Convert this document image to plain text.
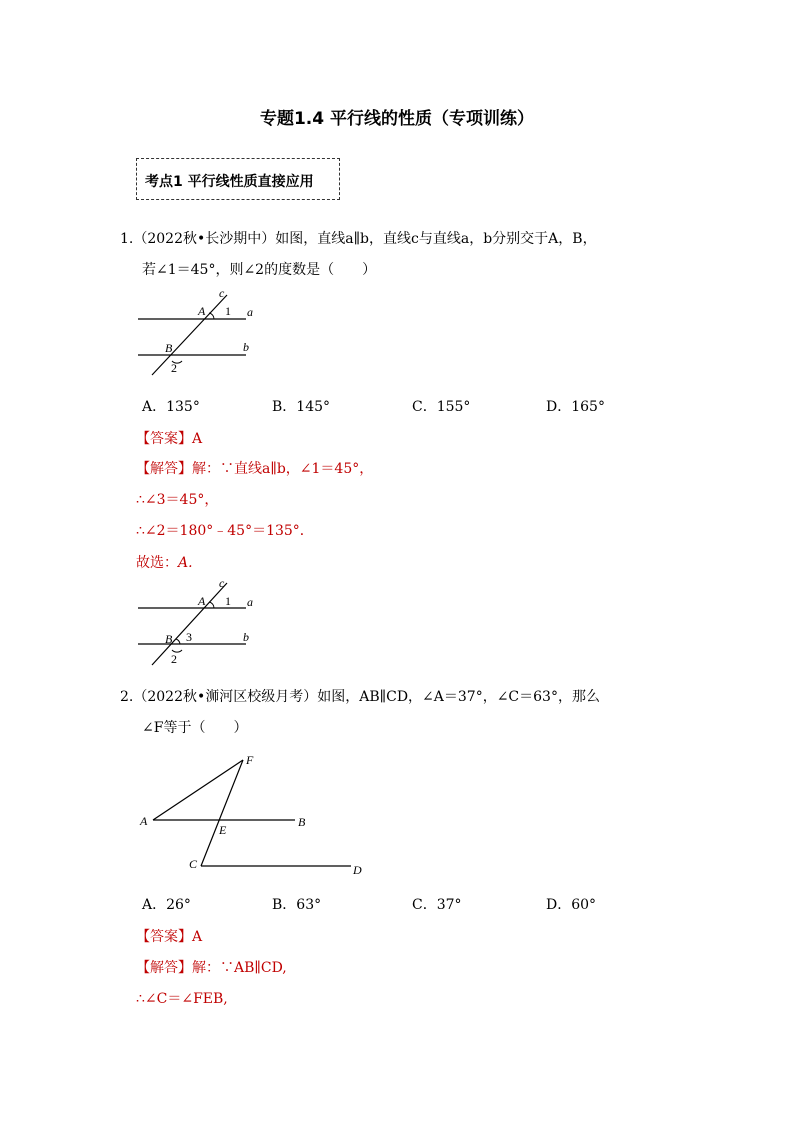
专题1.4 平行线的性质（专项训练）
考点1 平行线性质直接应用
1.（2022秋•长沙期中）如图，直线a∥b，直线c与直线a，b分别交于A，B，
若∠1＝45°，则∠2的度数是（　　）
c
A 1 a
B	b
2
A．135°	B．145°	C．155°	D．165°
【答案】A
【解答】解：∵直线a∥b，∠1＝45°，
∴∠3＝45°，
∴∠2＝180°﹣45°＝135°．
故选：A.
c
A 1 a
B 3	b
2
2.（2022秋•浉河区校级月考）如图，AB∥CD，∠A＝37°，∠C＝63°，那么
∠F等于（　　）
F
A
E
B
C	D
A．26°	B．63°	C．37°	D．60°
【答案】A
【解答】解：∵AB∥CD,
∴∠C＝∠FEB,
